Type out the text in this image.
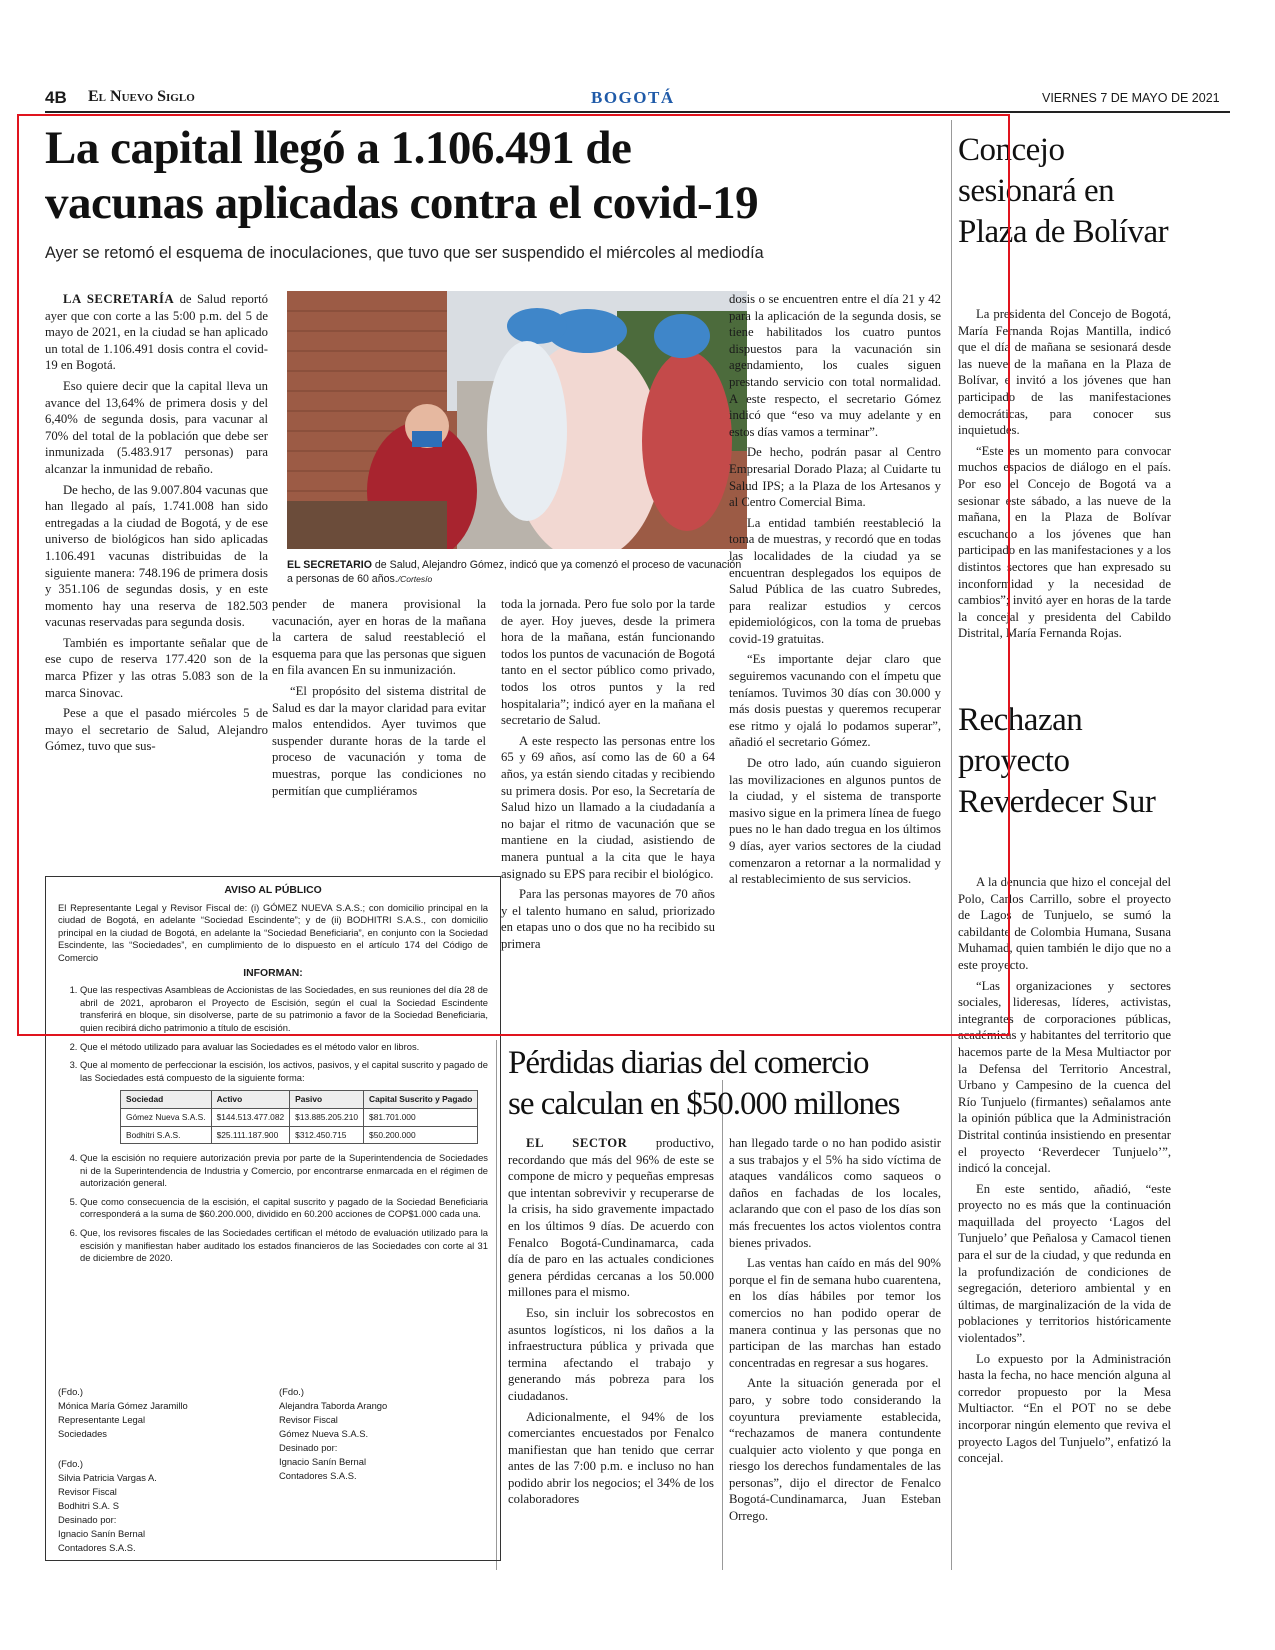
4B El Nuevo Siglo	BOGOTÁ	VIERNES 7 DE MAYO DE 2021
La capital llegó a 1.106.491 de
vacunas aplicadas contra el covid-19
Ayer se retomó el esquema de inoculaciones, que tuvo que ser suspendido el miércoles al mediodía

LA SECRETARÍA de Salud reportó ayer que con corte a las 5:00 p.m. del 5 de mayo de 2021, en la ciudad se han aplicado un total de 1.106.491 dosis contra el covid-19 en Bogotá.

Eso quiere decir que la capital lleva un avance del 13,64% de primera dosis y del 6,40% de segunda dosis, para vacunar al 70% del total de la población que debe ser inmunizada (5.483.917 personas) para alcanzar la inmunidad de rebaño.

De hecho, de las 9.007.804 vacunas que han llegado al país, 1.741.008 han sido entregadas a la ciudad de Bogotá, y de ese universo de biológicos han sido aplicadas 1.106.491 vacunas distribuidas de la siguiente manera: 748.196 de primera dosis y 351.106 de segundas dosis, y en este momento hay una reserva de 182.503 vacunas reservadas para segunda dosis.

También es importante señalar que de ese cupo de reserva 177.420 son de la marca Pfizer y las otras 5.083 son de la marca Sinovac.

Pese a que el pasado miércoles 5 de mayo el secretario de Salud, Alejandro Gómez, tuvo que sus-

EL SECRETARIO de Salud, Alejandro Gómez, indicó que ya comenzó el proceso de vacunación a personas de 60 años./Cortesío

pender de manera provisional la vacunación, ayer en horas de la mañana la cartera de salud reestableció el esquema para que las personas que siguen en fila avancen En su inmunización.

“El propósito del sistema distrital de Salud es dar la mayor claridad para evitar malos entendidos. Ayer tuvimos que suspender durante horas de la tarde el proceso de vacunación y toma de muestras, porque las condiciones no permitían que cumpliéramos

toda la jornada. Pero fue solo por la tarde de ayer. Hoy jueves, desde la primera hora de la mañana, están funcionando todos los puntos de vacunación de Bogotá tanto en el sector público como privado, todos los otros puntos y la red hospitalaria”; indicó ayer en la mañana el secretario de Salud.

A este respecto las personas entre los 65 y 69 años, así como las de 60 a 64 años, ya están siendo citadas y recibiendo su primera dosis. Por eso, la Secretaría de Salud hizo un llamado a la ciudadanía a no bajar el ritmo de vacunación que se mantiene en la ciudad, asistiendo de manera puntual a la cita que le haya asignado su EPS para recibir el biológico.

Para las personas mayores de 70 años y el talento humano en salud, priorizado en etapas uno o dos que no ha recibido su primera

dosis o se encuentren entre el día 21 y 42 para la aplicación de la segunda dosis, se tiene habilitados los cuatro puntos dispuestos para la vacunación sin agendamiento, los cuales siguen prestando servicio con total normalidad. A este respecto, el secretario Gómez indicó que “eso va muy adelante y en estos días vamos a terminar”.

De hecho, podrán pasar al Centro Empresarial Dorado Plaza; al Cuidarte tu Salud IPS; a la Plaza de los Artesanos y al Centro Comercial Bima.

La entidad también reestableció la toma de muestras, y recordó que en todas las localidades de la ciudad ya se encuentran desplegados los equipos de Salud Pública de las cuatro Subredes, para realizar estudios y cercos epidemiológicos, con la toma de pruebas covid-19 gratuitas.

“Es importante dejar claro que seguiremos vacunando con el ímpetu que teníamos. Tuvimos 30 días con 30.000 y más dosis puestas y queremos recuperar ese ritmo y ojalá lo podamos superar”, añadió el secretario Gómez.

De otro lado, aún cuando siguieron las movilizaciones en algunos puntos de la ciudad, y el sistema de transporte masivo sigue en la primera línea de fuego pues no le han dado tregua en los últimos 9 días, ayer varios sectores de la ciudad comenzaron a retornar a la normalidad y al restablecimiento de sus servicios.

AVISO AL PÚBLICO

El Representante Legal y Revisor Fiscal de: (i) GÓMEZ NUEVA S.A.S.; con domicilio principal en la ciudad de Bogotá, en adelante “Sociedad Escindente”; y de (ii) BODHITRI S.A.S., con domicilio principal en la ciudad de Bogotá, en adelante la “Sociedad Beneficiaria”, en conjunto con la Sociedad Escindente, las “Sociedades”, en cumplimiento de lo dispuesto en el artículo 174 del Código de Comercio

INFORMAN:
1. Que las respectivas Asambleas de Accionistas de las Sociedades, en sus reuniones del día 28 de abril de 2021, aprobaron el Proyecto de Escisión, según el cual la Sociedad Escindente transferirá en bloque, sin disolverse, parte de su patrimonio a favor de la Sociedad Beneficiaria, quien recibirá dicho patrimonio a título de escisión.
2. Que el método utilizado para avaluar las Sociedades es el método valor en libros.
3. Que al momento de perfeccionar la escisión, los activos, pasivos, y el capital suscrito y pagado de las Sociedades está compuesto de la siguiente forma:
Sociedad	Activo	Pasivo	Capital Suscrito y Pagado
Gómez Nueva S.A.S.	$144.513.477.082	$13.885.205.210	$81.701.000
Bodhitri S.A.S.	$25.111.187.900	$312.450.715	$50.200.000
4. Que la escisión no requiere autorización previa por parte de la Superintendencia de Sociedades ni de la Superintendencia de Industria y Comercio, por encontrarse enmarcada en el régimen de autorización general.
5. Que como consecuencia de la escisión, el capital suscrito y pagado de la Sociedad Beneficiaria corresponderá a la suma de $60.200.000, dividido en 60.200 acciones de COP$1.000 cada una.
6. Que, los revisores fiscales de las Sociedades certifican el método de evaluación utilizado para la escisión y manifiestan haber auditado los estados financieros de las Sociedades con corte al 31 de diciembre de 2020.
(Fdo.)
Mónica María Gómez Jaramillo
Representante Legal
Sociedades
(Fdo.)
Alejandra Taborda Arango
Revisor Fiscal
Gómez Nueva S.A.S.
Desinado por:
Ignacio Sanín Bernal
Contadores S.A.S.
(Fdo.)
Silvia Patricia Vargas A.
Revisor Fiscal
Bodhitri S.A. S
Desinado por:
Ignacio Sanín Bernal
Contadores S.A.S.
Pérdidas diarias del comercio
se calculan en $50.000 millones

EL SECTOR productivo, recordando que más del 96% de este se compone de micro y pequeñas empresas que intentan sobrevivir y recuperarse de la crisis, ha sido gravemente impactado en los últimos 9 días. De acuerdo con Fenalco Bogotá-Cundinamarca, cada día de paro en las actuales condiciones genera pérdidas cercanas a los 50.000 millones para el mismo.

Eso, sin incluir los sobrecostos en asuntos logísticos, ni los daños a la infraestructura pública y privada que termina afectando el trabajo y generando más pobreza para los ciudadanos.

Adicionalmente, el 94% de los comerciantes encuestados por Fenalco manifiestan que han tenido que cerrar antes de las 7:00 p.m. e incluso no han podido abrir los negocios; el 34% de los colaboradores

han llegado tarde o no han podido asistir a sus trabajos y el 5% ha sido víctima de ataques vandálicos como saqueos o daños en fachadas de los locales, aclarando que con el paso de los días son más frecuentes los actos violentos contra bienes privados.

Las ventas han caído en más del 90% porque el fin de semana hubo cuarentena, en los días hábiles por temor los comercios no han podido operar de manera continua y las personas que no participan de las marchas han estado concentradas en regresar a sus hogares.

Ante la situación generada por el paro, y sobre todo considerando la coyuntura previamente establecida, “rechazamos de manera contundente cualquier acto violento y que ponga en riesgo los derechos fundamentales de las personas”, dijo el director de Fenalco Bogotá-Cundinamarca, Juan Esteban Orrego.

Concejo sesionará en Plaza de Bolívar

La presidenta del Concejo de Bogotá, María Fernanda Rojas Mantilla, indicó que el día de mañana se sesionará desde las nueve de la mañana en la Plaza de Bolívar, e invitó a los jóvenes que han participado de las manifestaciones democráticas, para conocer sus inquietudes.

“Este es un momento para convocar muchos espacios de diálogo en el país. Por eso el Concejo de Bogotá va a sesionar este sábado, a las nueve de la mañana, en la Plaza de Bolívar escuchando a los jóvenes que han participado en las manifestaciones y a los distintos sectores que han expresado su inconformidad y la necesidad de cambios”; invitó ayer en horas de la tarde la concejal y presidenta del Cabildo Distrital, María Fernanda Rojas.

Rechazan proyecto Reverdecer Sur

A la denuncia que hizo el concejal del Polo, Carlos Carrillo, sobre el proyecto de Lagos de Tunjuelo, se sumó la cabildante de Colombia Humana, Susana Muhamad, quien también le dijo que no a este proyecto.

“Las organizaciones y sectores sociales, lideresas, líderes, activistas, integrantes de corporaciones públicas, académicas y habitantes del territorio que hacemos parte de la Mesa Multiactor por la Defensa del Territorio Ancestral, Urbano y Campesino de la cuenca del Río Tunjuelo (firmantes) señalamos ante la opinión pública que la Administración Distrital continúa insistiendo en presentar el proyecto ‘Reverdecer Tunjuelo’”, indicó la concejal.

En este sentido, añadió, “este proyecto no es más que la continuación maquillada del proyecto ‘Lagos del Tunjuelo’ que Peñalosa y Camacol tienen para el sur de la ciudad, y que redunda en la profundización de condiciones de segregación, deterioro ambiental y en últimas, de marginalización de la vida de poblaciones y territorios históricamente violentados”.

Lo expuesto por la Administración hasta la fecha, no hace mención alguna al corredor propuesto por la Mesa Multiactor. “En el POT no se debe incorporar ningún elemento que reviva el proyecto Lagos del Tunjuelo”, enfatizó la concejal.
